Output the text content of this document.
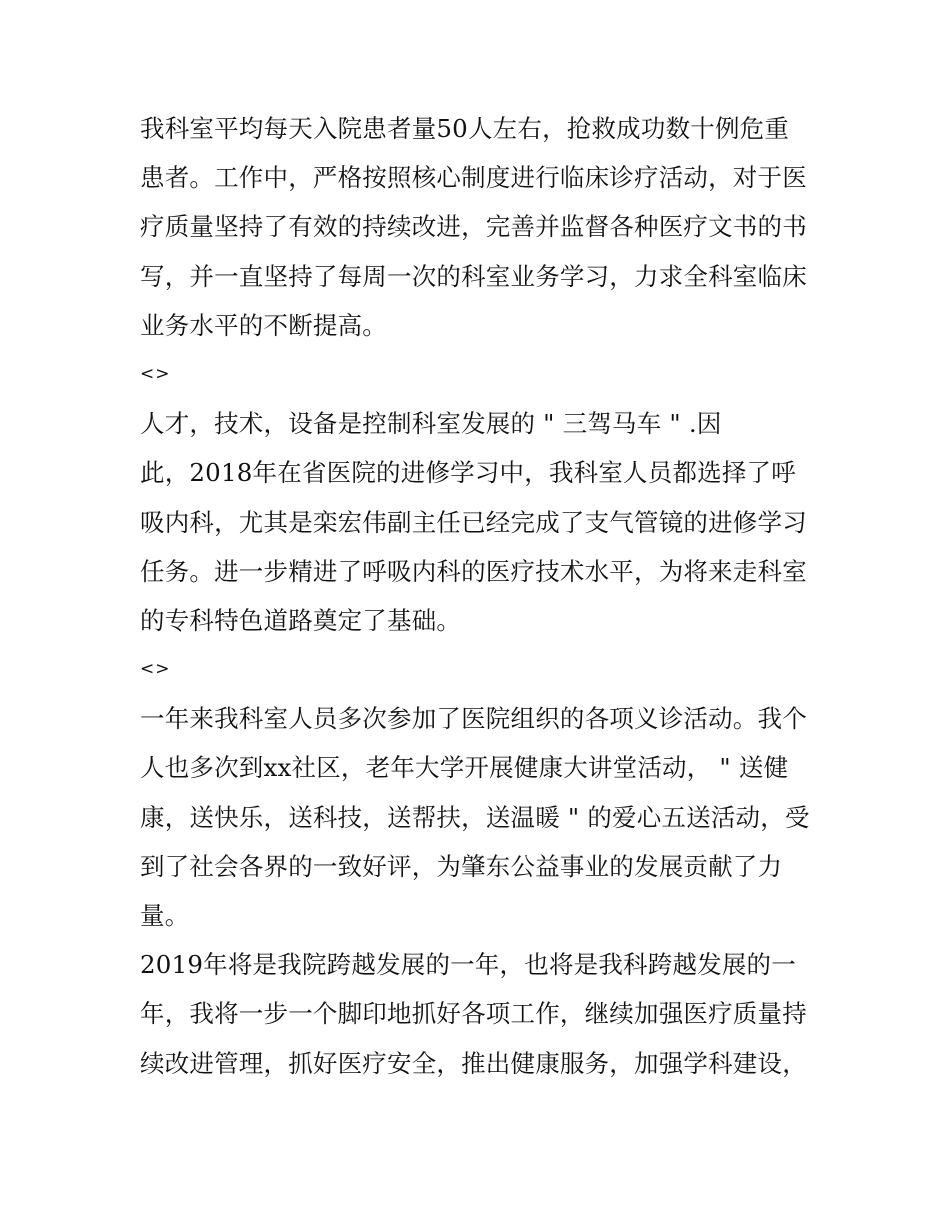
我科室平均每天入院患者量50人左右，抢救成功数十例危重
患者。工作中，严格按照核心制度进行临床诊疗活动，对于医
疗质量坚持了有效的持续改进，完善并监督各种医疗文书的书
写，并一直坚持了每周一次的科室业务学习，力求全科室临床
业务水平的不断提高。
<>
人才，技术，设备是控制科室发展的 " 三驾马车 " .因
此，2018年在省医院的进修学习中，我科室人员都选择了呼
吸内科，尤其是栾宏伟副主任已经完成了支气管镜的进修学习
任务。进一步精进了呼吸内科的医疗技术水平，为将来走科室
的专科特色道路奠定了基础。
<>
一年来我科室人员多次参加了医院组织的各项义诊活动。我个
人也多次到xx社区，老年大学开展健康大讲堂活动， " 送健
康，送快乐，送科技，送帮扶，送温暖 " 的爱心五送活动，受
到了社会各界的一致好评，为肇东公益事业的发展贡献了力
量。
2019年将是我院跨越发展的一年，也将是我科跨越发展的一
年，我将一步一个脚印地抓好各项工作，继续加强医疗质量持
续改进管理，抓好医疗安全，推出健康服务，加强学科建设，
